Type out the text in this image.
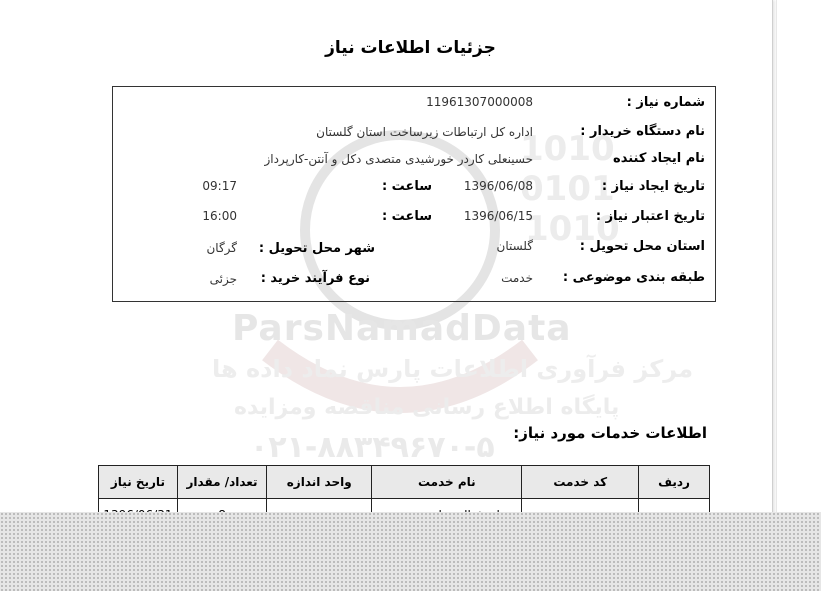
1010
0101
1010
ParsNamadData
مرکز فرآوری اطلاعات پارس نماد داده ها
پایگاه اطلاع رسانی مناقصه ومزایده
۰۲۱-۸۸۳۴۹۶۷۰-۵
جزئیات اطلاعات نیاز
شماره نیاز :
11961307000008
نام دستگاه خریدار :
اداره کل ارتباطات زیرساخت استان گلستان
نام ایجاد کننده
حسینعلی کاردر خورشیدی متصدی دکل و آنتن-کارپرداز
تاریخ ایجاد نیاز :
1396/06/08
ساعت :
09:17
تاریخ اعتبار نیاز :
1396/06/15
ساعت :
16:00
استان محل تحویل :
گلستان
شهر محل تحویل :
گرگان
طبقه بندی موضوعی :
خدمت
نوع فرآیند خرید :
جزئی
اطلاعات خدمات مورد نیاز:
ردیف	کد خدمت	نام خدمت	واحد اندازه	تعداد/ مقدار	تاریخ نیاز
